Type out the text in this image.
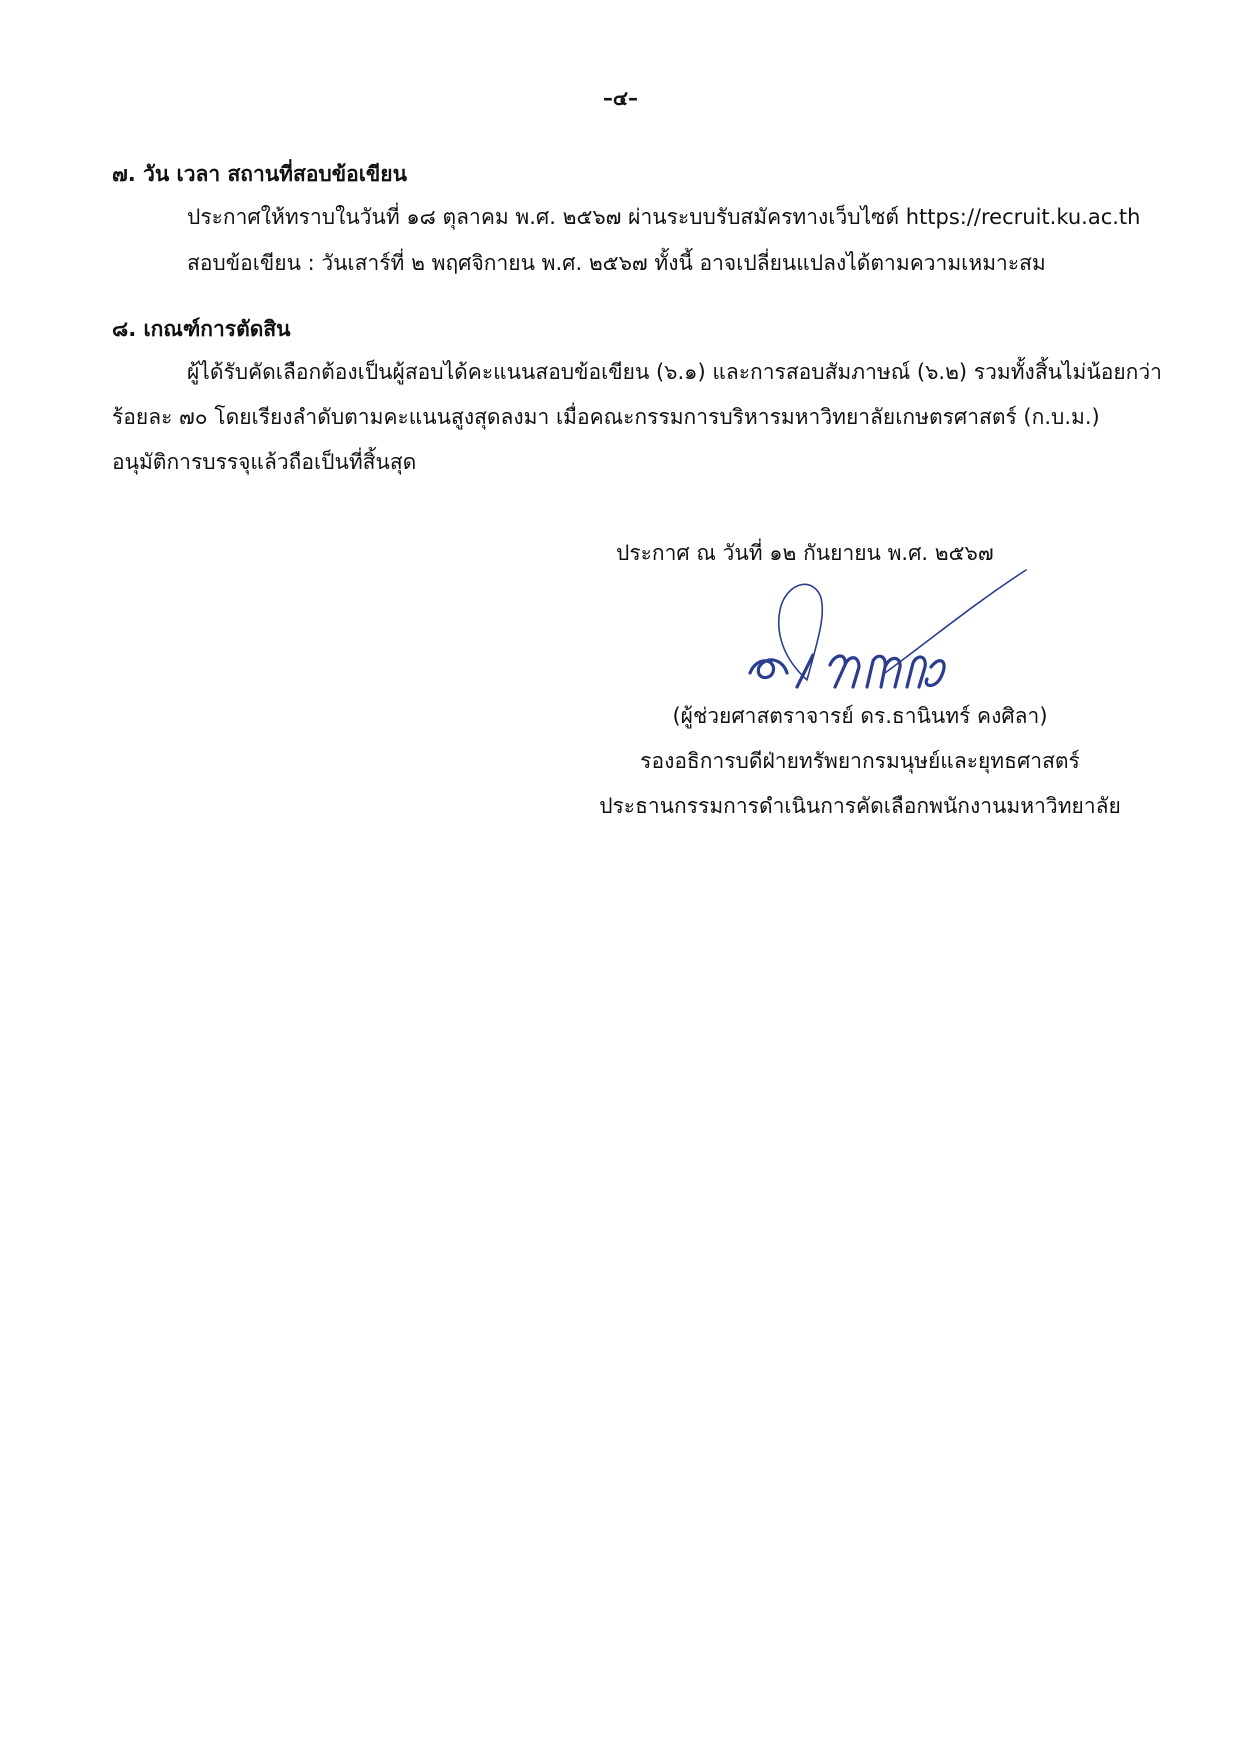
–๔–
๗. วัน เวลา สถานที่สอบข้อเขียน
ประกาศให้ทราบในวันที่ ๑๘ ตุลาคม พ.ศ. ๒๕๖๗ ผ่านระบบรับสมัครทางเว็บไซต์ https://recruit.ku.ac.th
สอบข้อเขียน : วันเสาร์ที่ ๒ พฤศจิกายน พ.ศ. ๒๕๖๗ ทั้งนี้ อาจเปลี่ยนแปลงได้ตามความเหมาะสม
๘. เกณฑ์การตัดสิน
ผู้ได้รับคัดเลือกต้องเป็นผู้สอบได้คะแนนสอบข้อเขียน (๖.๑) และการสอบสัมภาษณ์ (๖.๒) รวมทั้งสิ้นไม่น้อยกว่า
ร้อยละ ๗๐ โดยเรียงลำดับตามคะแนนสูงสุดลงมา เมื่อคณะกรรมการบริหารมหาวิทยาลัยเกษตรศาสตร์ (ก.บ.ม.)
อนุมัติการบรรจุแล้วถือเป็นที่สิ้นสุด
ประกาศ ณ วันที่ ๑๒ กันยายน พ.ศ. ๒๕๖๗
(ผู้ช่วยศาสตราจารย์ ดร.ธานินทร์ คงศิลา)
รองอธิการบดีฝ่ายทรัพยากรมนุษย์และยุทธศาสตร์
ประธานกรรมการดำเนินการคัดเลือกพนักงานมหาวิทยาลัย
